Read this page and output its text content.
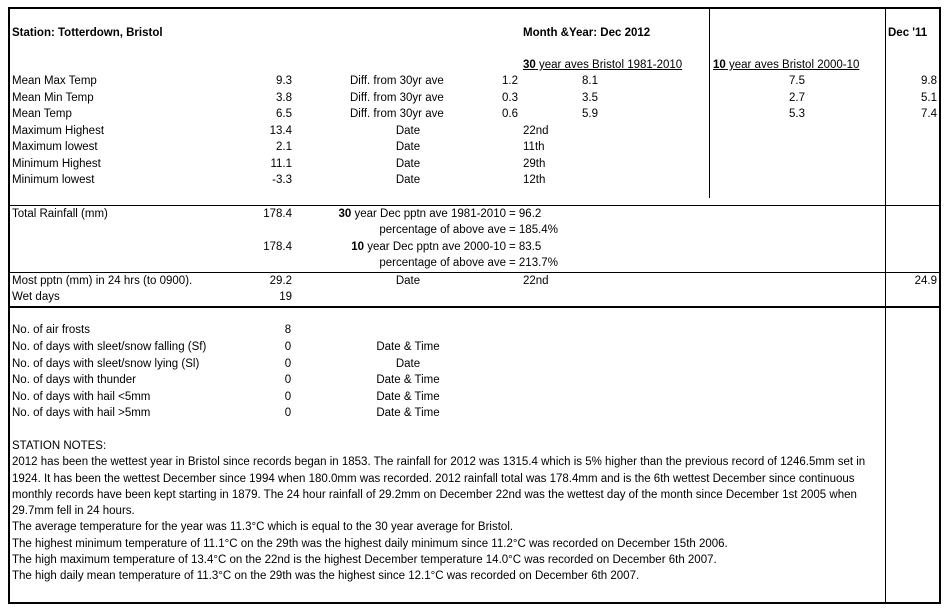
Station: Totterdown, Bristol	Month &Year: Dec 2012	Dec '11
30 year aves Bristol 1981-2010	10 year aves Bristol 2000-10
Mean Max Temp	9.3	Diff. from 30yr ave	1.2	8.1	7.5	9.8
Mean Min Temp	3.8	Diff. from 30yr ave	0.3	3.5	2.7	5.1
Mean Temp	6.5	Diff. from 30yr ave	0.6	5.9	5.3	7.4
Maximum Highest	13.4	Date	22nd
Maximum lowest	2.1	Date	11th
Minimum Highest	11.1	Date	29th
Minimum lowest	-3.3	Date	12th
Total Rainfall (mm)	178.4	30 year Dec pptn ave 1981-2010 = 96.2
percentage of above ave = 185.4%
178.4	10 year Dec pptn ave 2000-10 = 83.5
percentage of above ave = 213.7%
Most pptn (mm) in 24 hrs (to 0900).	29.2	Date	22nd	24.9
Wet days	19
No. of air frosts	8
No. of days with sleet/snow falling (Sf)	0	Date & Time
No. of days with sleet/snow lying (Sl)	0	Date
No. of days with thunder	0	Date & Time
No. of days with hail <5mm	0	Date & Time
No. of days with hail >5mm	0	Date & Time
STATION NOTES:
2012 has been the wettest year in Bristol since records began in 1853. The rainfall for 2012 was 1315.4 which is 5% higher than the previous record of 1246.5mm set in 1924. It has been the wettest December since 1994 when 180.0mm was recorded. 2012 rainfall total was 178.4mm and is the 6th wettest December since continuous monthly records have been kept starting in 1879. The 24 hour rainfall of 29.2mm on December 22nd was the wettest day of the month since December 1st 2005 when 29.7mm fell in 24 hours.
The average temperature for the year was 11.3°C which is equal to the 30 year average for Bristol.
The highest minimum temperature of 11.1°C on the 29th was the highest daily minimum since 11.2°C was recorded on December 15th 2006.
The high maximum temperature of 13.4°C on the 22nd is the highest December temperature 14.0°C was recorded on December 6th 2007.
The high daily mean temperature of 11.3°C on the 29th was the highest since 12.1°C was recorded on December 6th 2007.
